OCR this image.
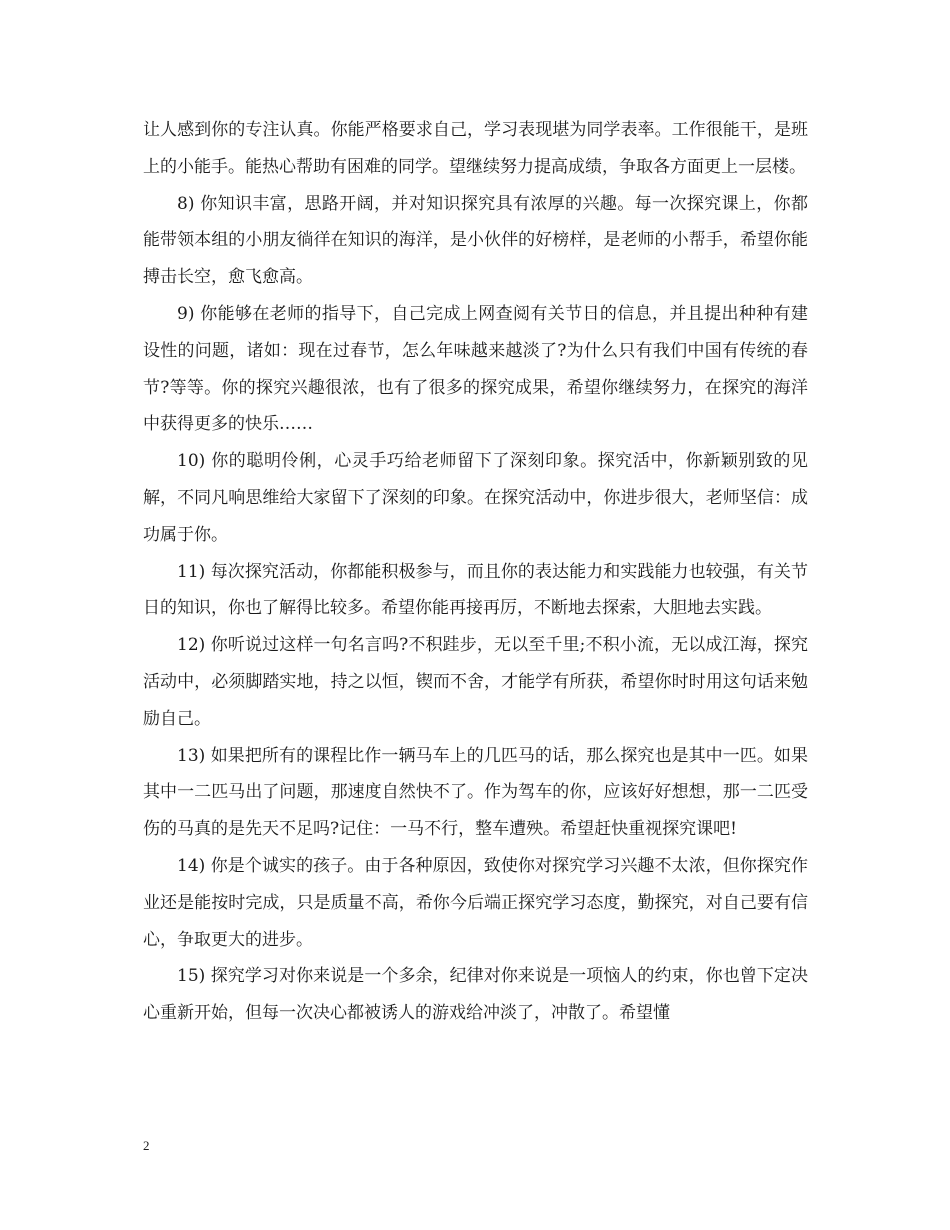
让人感到你的专注认真。你能严格要求自己，学习表现堪为同学表率。工作很能干，是班上的小能手。能热心帮助有困难的同学。望继续努力提高成绩，争取各方面更上一层楼。

8) 你知识丰富，思路开阔，并对知识探究具有浓厚的兴趣。每一次探究课上，你都能带领本组的小朋友徜徉在知识的海洋，是小伙伴的好榜样，是老师的小帮手，希望你能搏击长空，愈飞愈高。

9) 你能够在老师的指导下，自己完成上网查阅有关节日的信息，并且提出种种有建设性的问题，诸如：现在过春节，怎么年味越来越淡了?为什么只有我们中国有传统的春节?等等。你的探究兴趣很浓，也有了很多的探究成果，希望你继续努力，在探究的海洋中获得更多的快乐……

10) 你的聪明伶俐，心灵手巧给老师留下了深刻印象。探究活中，你新颖别致的见解，不同凡响思维给大家留下了深刻的印象。在探究活动中，你进步很大，老师坚信：成功属于你。

11) 每次探究活动，你都能积极参与，而且你的表达能力和实践能力也较强，有关节日的知识，你也了解得比较多。希望你能再接再厉，不断地去探索，大胆地去实践。

12) 你听说过这样一句名言吗?不积跬步，无以至千里;不积小流，无以成江海，探究活动中，必须脚踏实地，持之以恒，锲而不舍，才能学有所获，希望你时时用这句话来勉励自己。

13) 如果把所有的课程比作一辆马车上的几匹马的话，那么探究也是其中一匹。如果其中一二匹马出了问题，那速度自然快不了。作为驾车的你，应该好好想想，那一二匹受伤的马真的是先天不足吗?记住：一马不行，整车遭殃。希望赶快重视探究课吧!

14) 你是个诚实的孩子。由于各种原因，致使你对探究学习兴趣不太浓，但你探究作业还是能按时完成，只是质量不高，希你今后端正探究学习态度，勤探究，对自己要有信心，争取更大的进步。

15) 探究学习对你来说是一个多余，纪律对你来说是一项恼人的约束，你也曾下定决心重新开始，但每一次决心都被诱人的游戏给冲淡了，冲散了。希望懂

2
